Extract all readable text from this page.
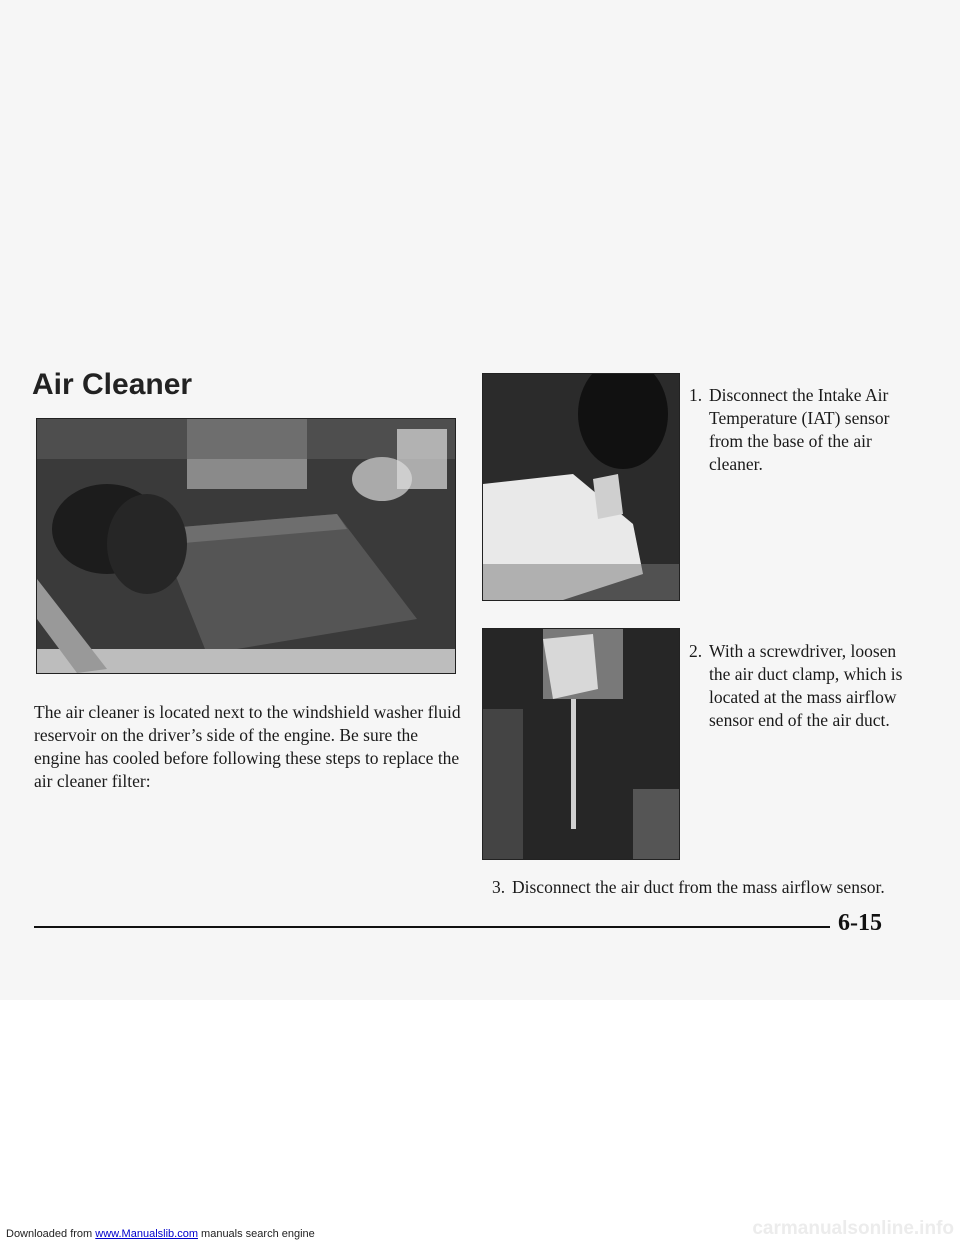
Air Cleaner

The air cleaner is located next to the windshield washer fluid reservoir on the driver’s side of the engine. Be sure the engine has cooled before following these steps to replace the air cleaner filter:

1. Disconnect the Intake Air Temperature (IAT) sensor from the base of the air cleaner.
2. With a screwdriver, loosen the air duct clamp, which is located at the mass airflow sensor end of the air duct.
3. Disconnect the air duct from the mass airflow sensor.

6-15

Downloaded from www.Manualslib.com manuals search engine	carmanualsonline.info
